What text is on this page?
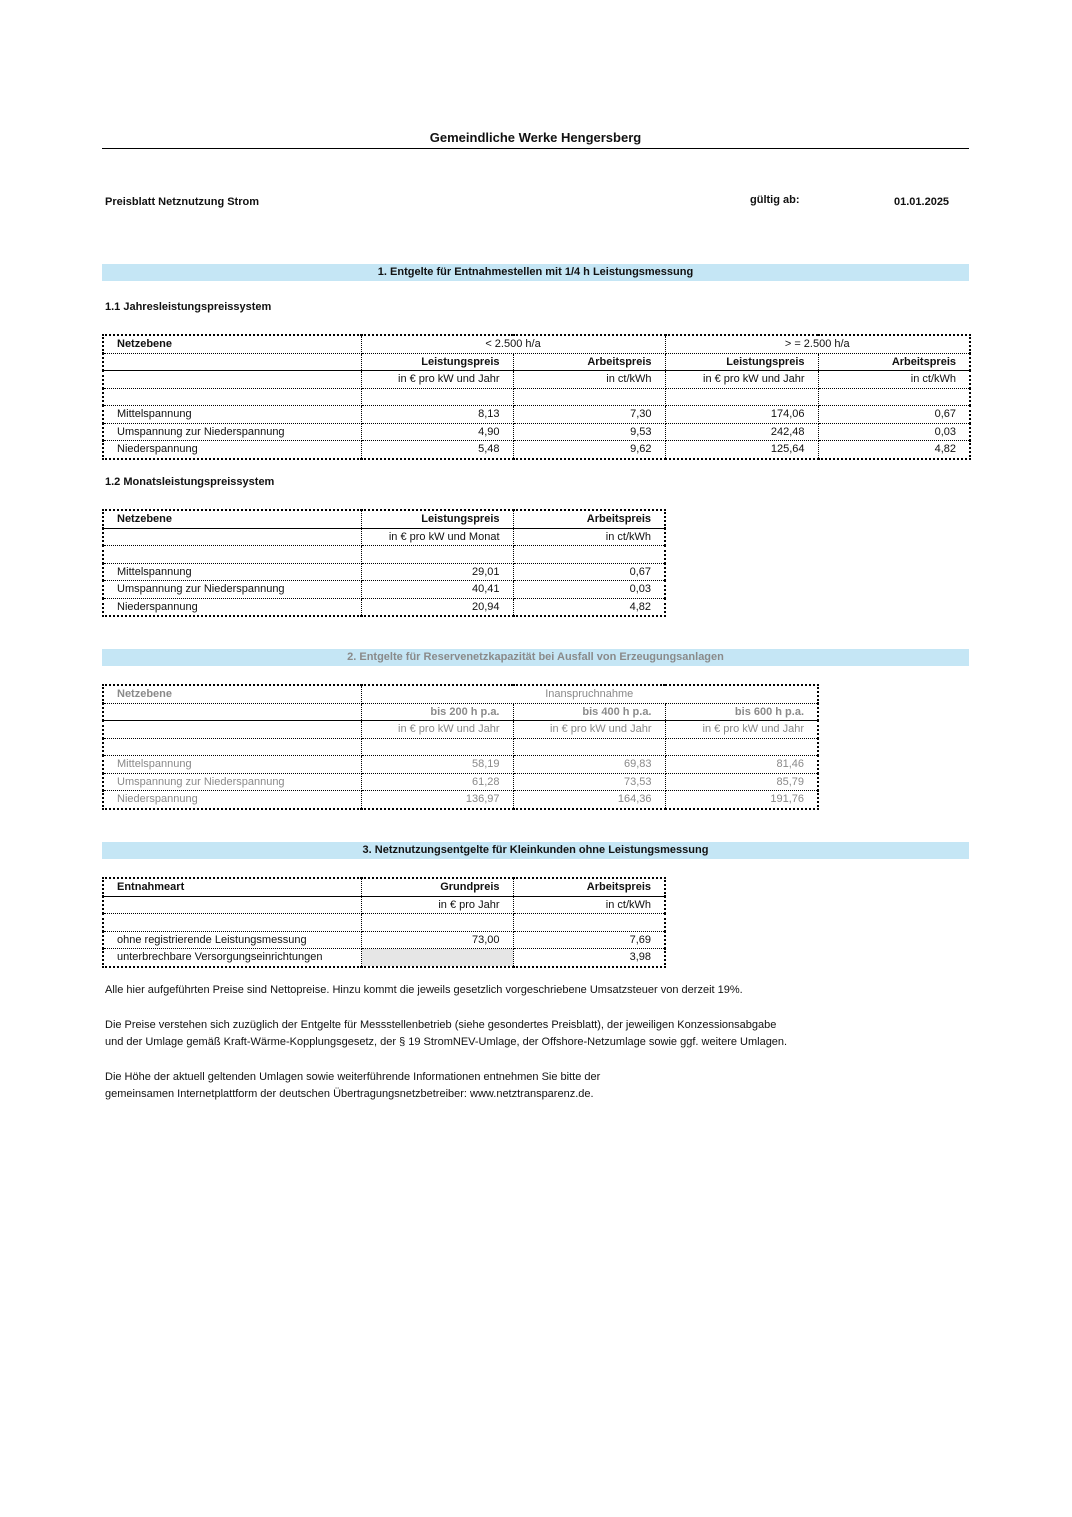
Gemeindliche Werke Hengersberg
Preisblatt Netznutzung Strom	gültig ab:	01.01.2025
1. Entgelte für Entnahmestellen mit 1/4 h Leistungsmessung
1.1 Jahresleistungspreissystem
Netzebene	< 2.500 h/a		> = 2.500 h/a	
	Leistungspreis	Arbeitspreis	Leistungspreis	Arbeitspreis
	in € pro kW und Jahr	in ct/kWh	in € pro kW und Jahr	in ct/kWh

Mittelspannung	8,13	7,30	174,06	0,67
Umspannung zur Niederspannung	4,90	9,53	242,48	0,03
Niederspannung	5,48	9,62	125,64	4,82
1.2 Monatsleistungspreissystem
Netzebene	Leistungspreis	Arbeitspreis
	in € pro kW und Monat	in ct/kWh

Mittelspannung	29,01	0,67
Umspannung zur Niederspannung	40,41	0,03
Niederspannung	20,94	4,82
2. Entgelte für Reservenetzkapazität bei Ausfall von Erzeugungsanlagen
Netzebene	Inanspruchnahme		
	bis 200 h p.a.	bis 400 h p.a.	bis 600 h p.a.
	in € pro kW und Jahr	in € pro kW und Jahr	in € pro kW und Jahr

Mittelspannung	58,19	69,83	81,46
Umspannung zur Niederspannung	61,28	73,53	85,79
Niederspannung	136,97	164,36	191,76
3. Netznutzungsentgelte für Kleinkunden ohne Leistungsmessung
Entnahmeart	Grundpreis	Arbeitspreis
	in € pro Jahr	in ct/kWh

ohne registrierende Leistungsmessung	73,00	7,69
unterbrechbare Versorgungseinrichtungen		3,98
Alle hier aufgeführten Preise sind Nettopreise. Hinzu kommt die jeweils gesetzlich vorgeschriebene Umsatzsteuer von derzeit 19%.
Die Preise verstehen sich zuzüglich der Entgelte für Messstellenbetrieb (siehe gesondertes Preisblatt), der jeweiligen Konzessionsabgabe
und der Umlage gemäß Kraft-Wärme-Kopplungsgesetz, der § 19 StromNEV-Umlage, der Offshore-Netzumlage sowie ggf. weitere Umlagen.
Die Höhe der aktuell geltenden Umlagen sowie weiterführende Informationen entnehmen Sie bitte der
gemeinsamen Internetplattform der deutschen Übertragungsnetzbetreiber: www.netztransparenz.de.
